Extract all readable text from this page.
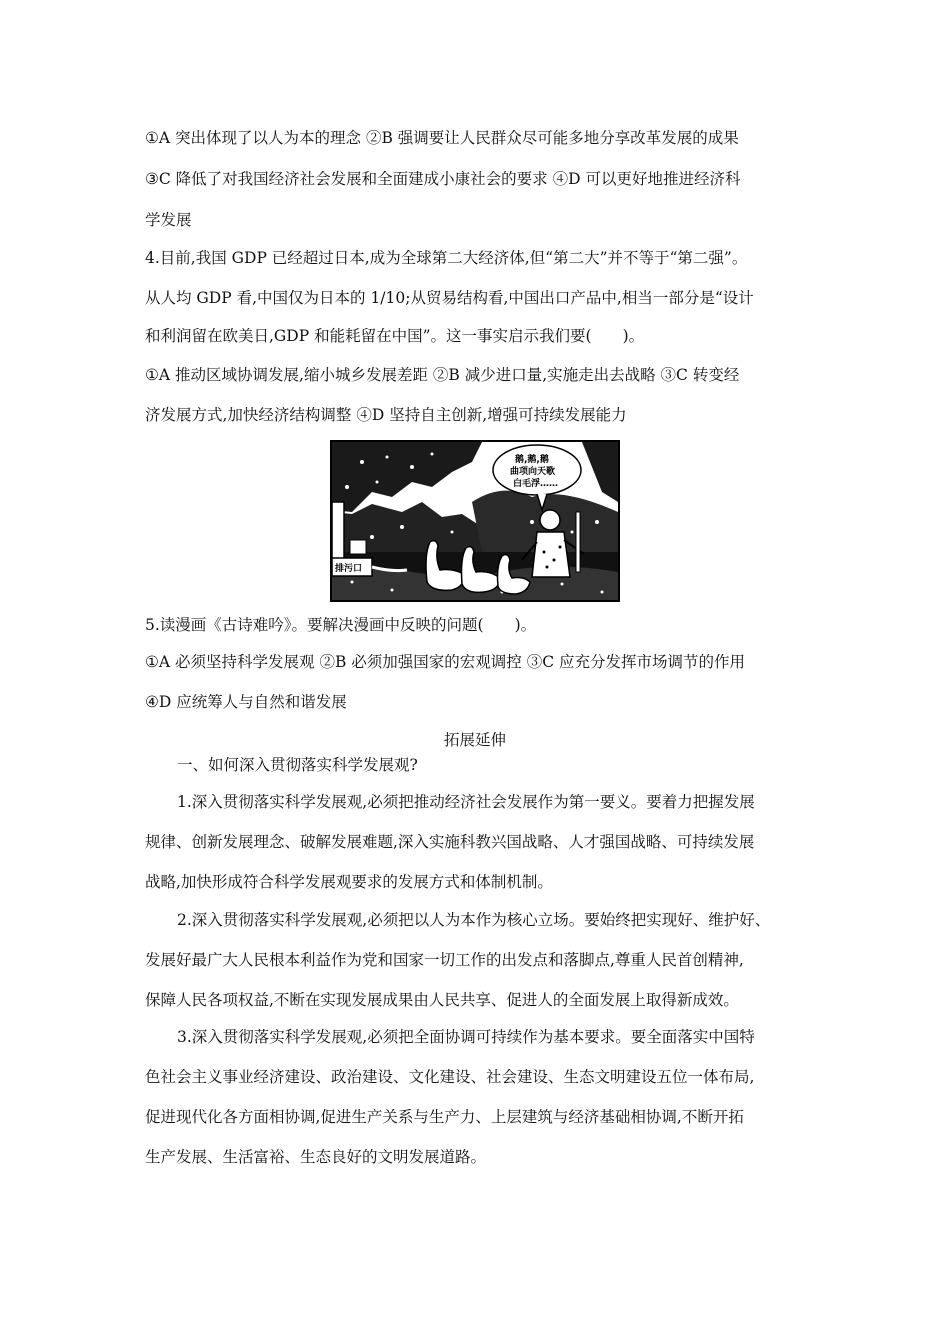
①A 突出体现了以人为本的理念 ②B 强调要让人民群众尽可能多地分享改革发展的成果
③C 降低了对我国经济社会发展和全面建成小康社会的要求 ④D 可以更好地推进经济科
学发展
4.目前,我国 GDP 已经超过日本,成为全球第二大经济体,但“第二大”并不等于“第二强”。
从人均 GDP 看,中国仅为日本的 1/10;从贸易结构看,中国出口产品中,相当一部分是“设计
和利润留在欧美日,GDP 和能耗留在中国”。这一事实启示我们要(　　)。
①A 推动区域协调发展,缩小城乡发展差距 ②B 减少进口量,实施走出去战略 ③C 转变经
济发展方式,加快经济结构调整 ④D 坚持自主创新,增强可持续发展能力
鹅,鹅,鹅
曲项向天歌
白毛浮……
排污口
5.读漫画《古诗难吟》。要解决漫画中反映的问题(　　)。
①A 必须坚持科学发展观 ②B 必须加强国家的宏观调控 ③C 应充分发挥市场调节的作用
④D 应统筹人与自然和谐发展
拓展延伸
一、如何深入贯彻落实科学发展观?
1.深入贯彻落实科学发展观,必须把推动经济社会发展作为第一要义。要着力把握发展
规律、创新发展理念、破解发展难题,深入实施科教兴国战略、人才强国战略、可持续发展
战略,加快形成符合科学发展观要求的发展方式和体制机制。
2.深入贯彻落实科学发展观,必须把以人为本作为核心立场。要始终把实现好、维护好、
发展好最广大人民根本利益作为党和国家一切工作的出发点和落脚点,尊重人民首创精神,
保障人民各项权益,不断在实现发展成果由人民共享、促进人的全面发展上取得新成效。
3.深入贯彻落实科学发展观,必须把全面协调可持续作为基本要求。要全面落实中国特
色社会主义事业经济建设、政治建设、文化建设、社会建设、生态文明建设五位一体布局,
促进现代化各方面相协调,促进生产关系与生产力、上层建筑与经济基础相协调,不断开拓
生产发展、生活富裕、生态良好的文明发展道路。
